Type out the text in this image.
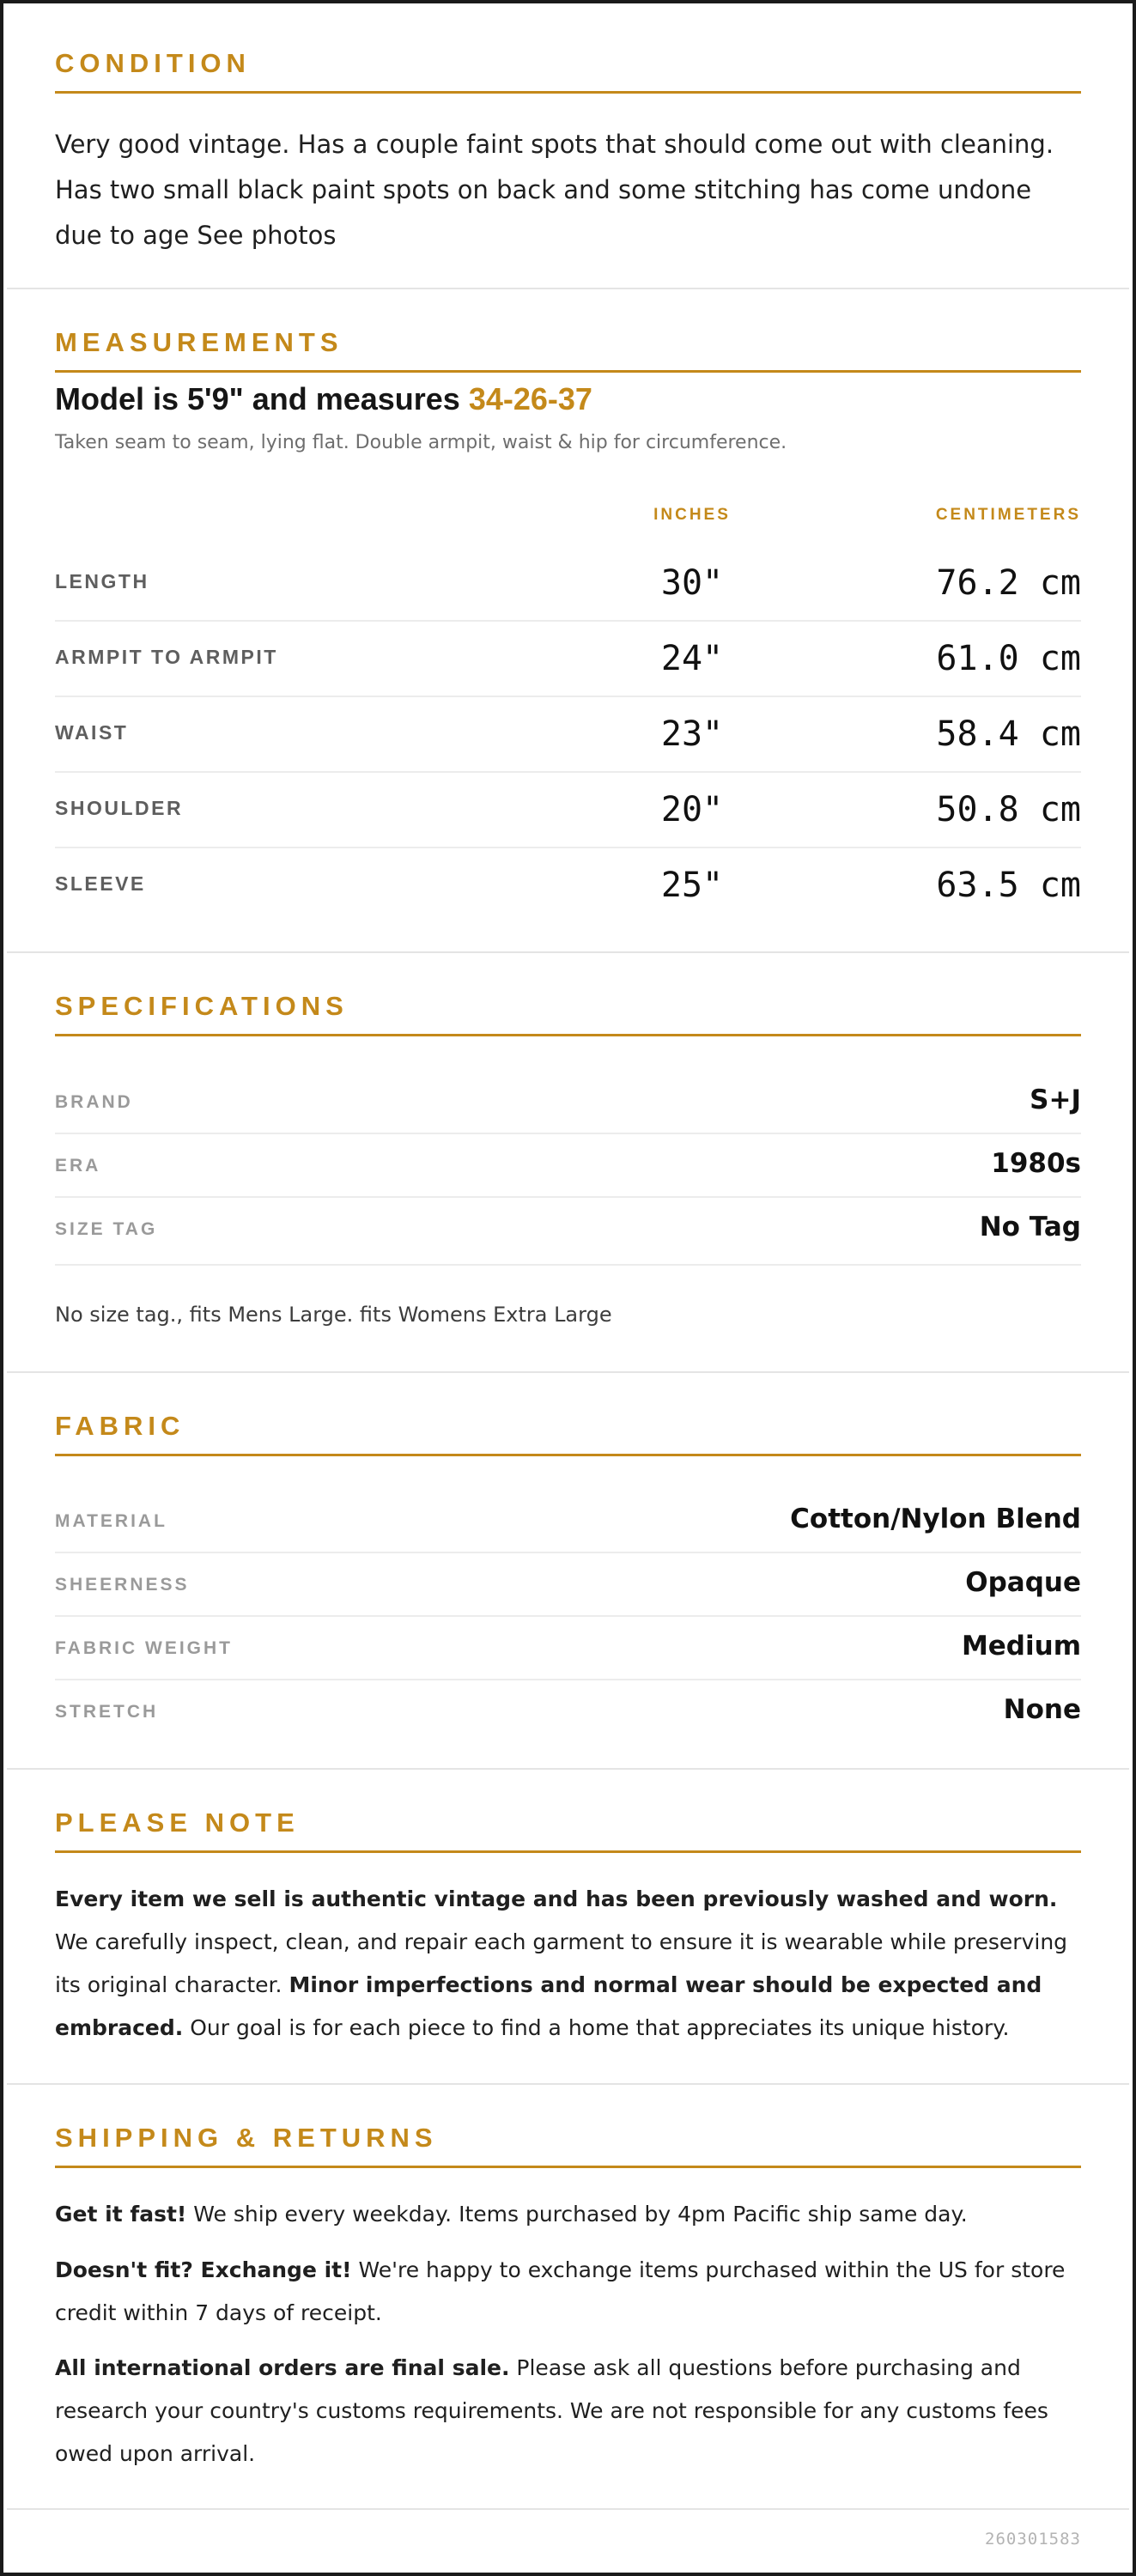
CONDITION
Very good vintage. Has a couple faint spots that should come out with cleaning. Has two small black paint spots on back and some stitching has come undone due to age See photos
MEASUREMENTS
Model is 5'9" and measures 34-26-37
Taken seam to seam, lying flat. Double armpit, waist & hip for circumference.
INCHES	CENTIMETERS
LENGTH	30"	76.2 cm
ARMPIT TO ARMPIT	24"	61.0 cm
WAIST	23"	58.4 cm
SHOULDER	20"	50.8 cm
SLEEVE	25"	63.5 cm
SPECIFICATIONS
BRAND	S+J
ERA	1980s
SIZE TAG	No Tag
No size tag., fits Mens Large. fits Womens Extra Large
FABRIC
MATERIAL	Cotton/Nylon Blend
SHEERNESS	Opaque
FABRIC WEIGHT	Medium
STRETCH	None
PLEASE NOTE
Every item we sell is authentic vintage and has been previously washed and worn. We carefully inspect, clean, and repair each garment to ensure it is wearable while preserving its original character. Minor imperfections and normal wear should be expected and embraced. Our goal is for each piece to find a home that appreciates its unique history.
SHIPPING & RETURNS
Get it fast! We ship every weekday. Items purchased by 4pm Pacific ship same day.
Doesn't fit? Exchange it! We're happy to exchange items purchased within the US for store credit within 7 days of receipt.
All international orders are final sale. Please ask all questions before purchasing and research your country's customs requirements. We are not responsible for any customs fees owed upon arrival.
260301583
